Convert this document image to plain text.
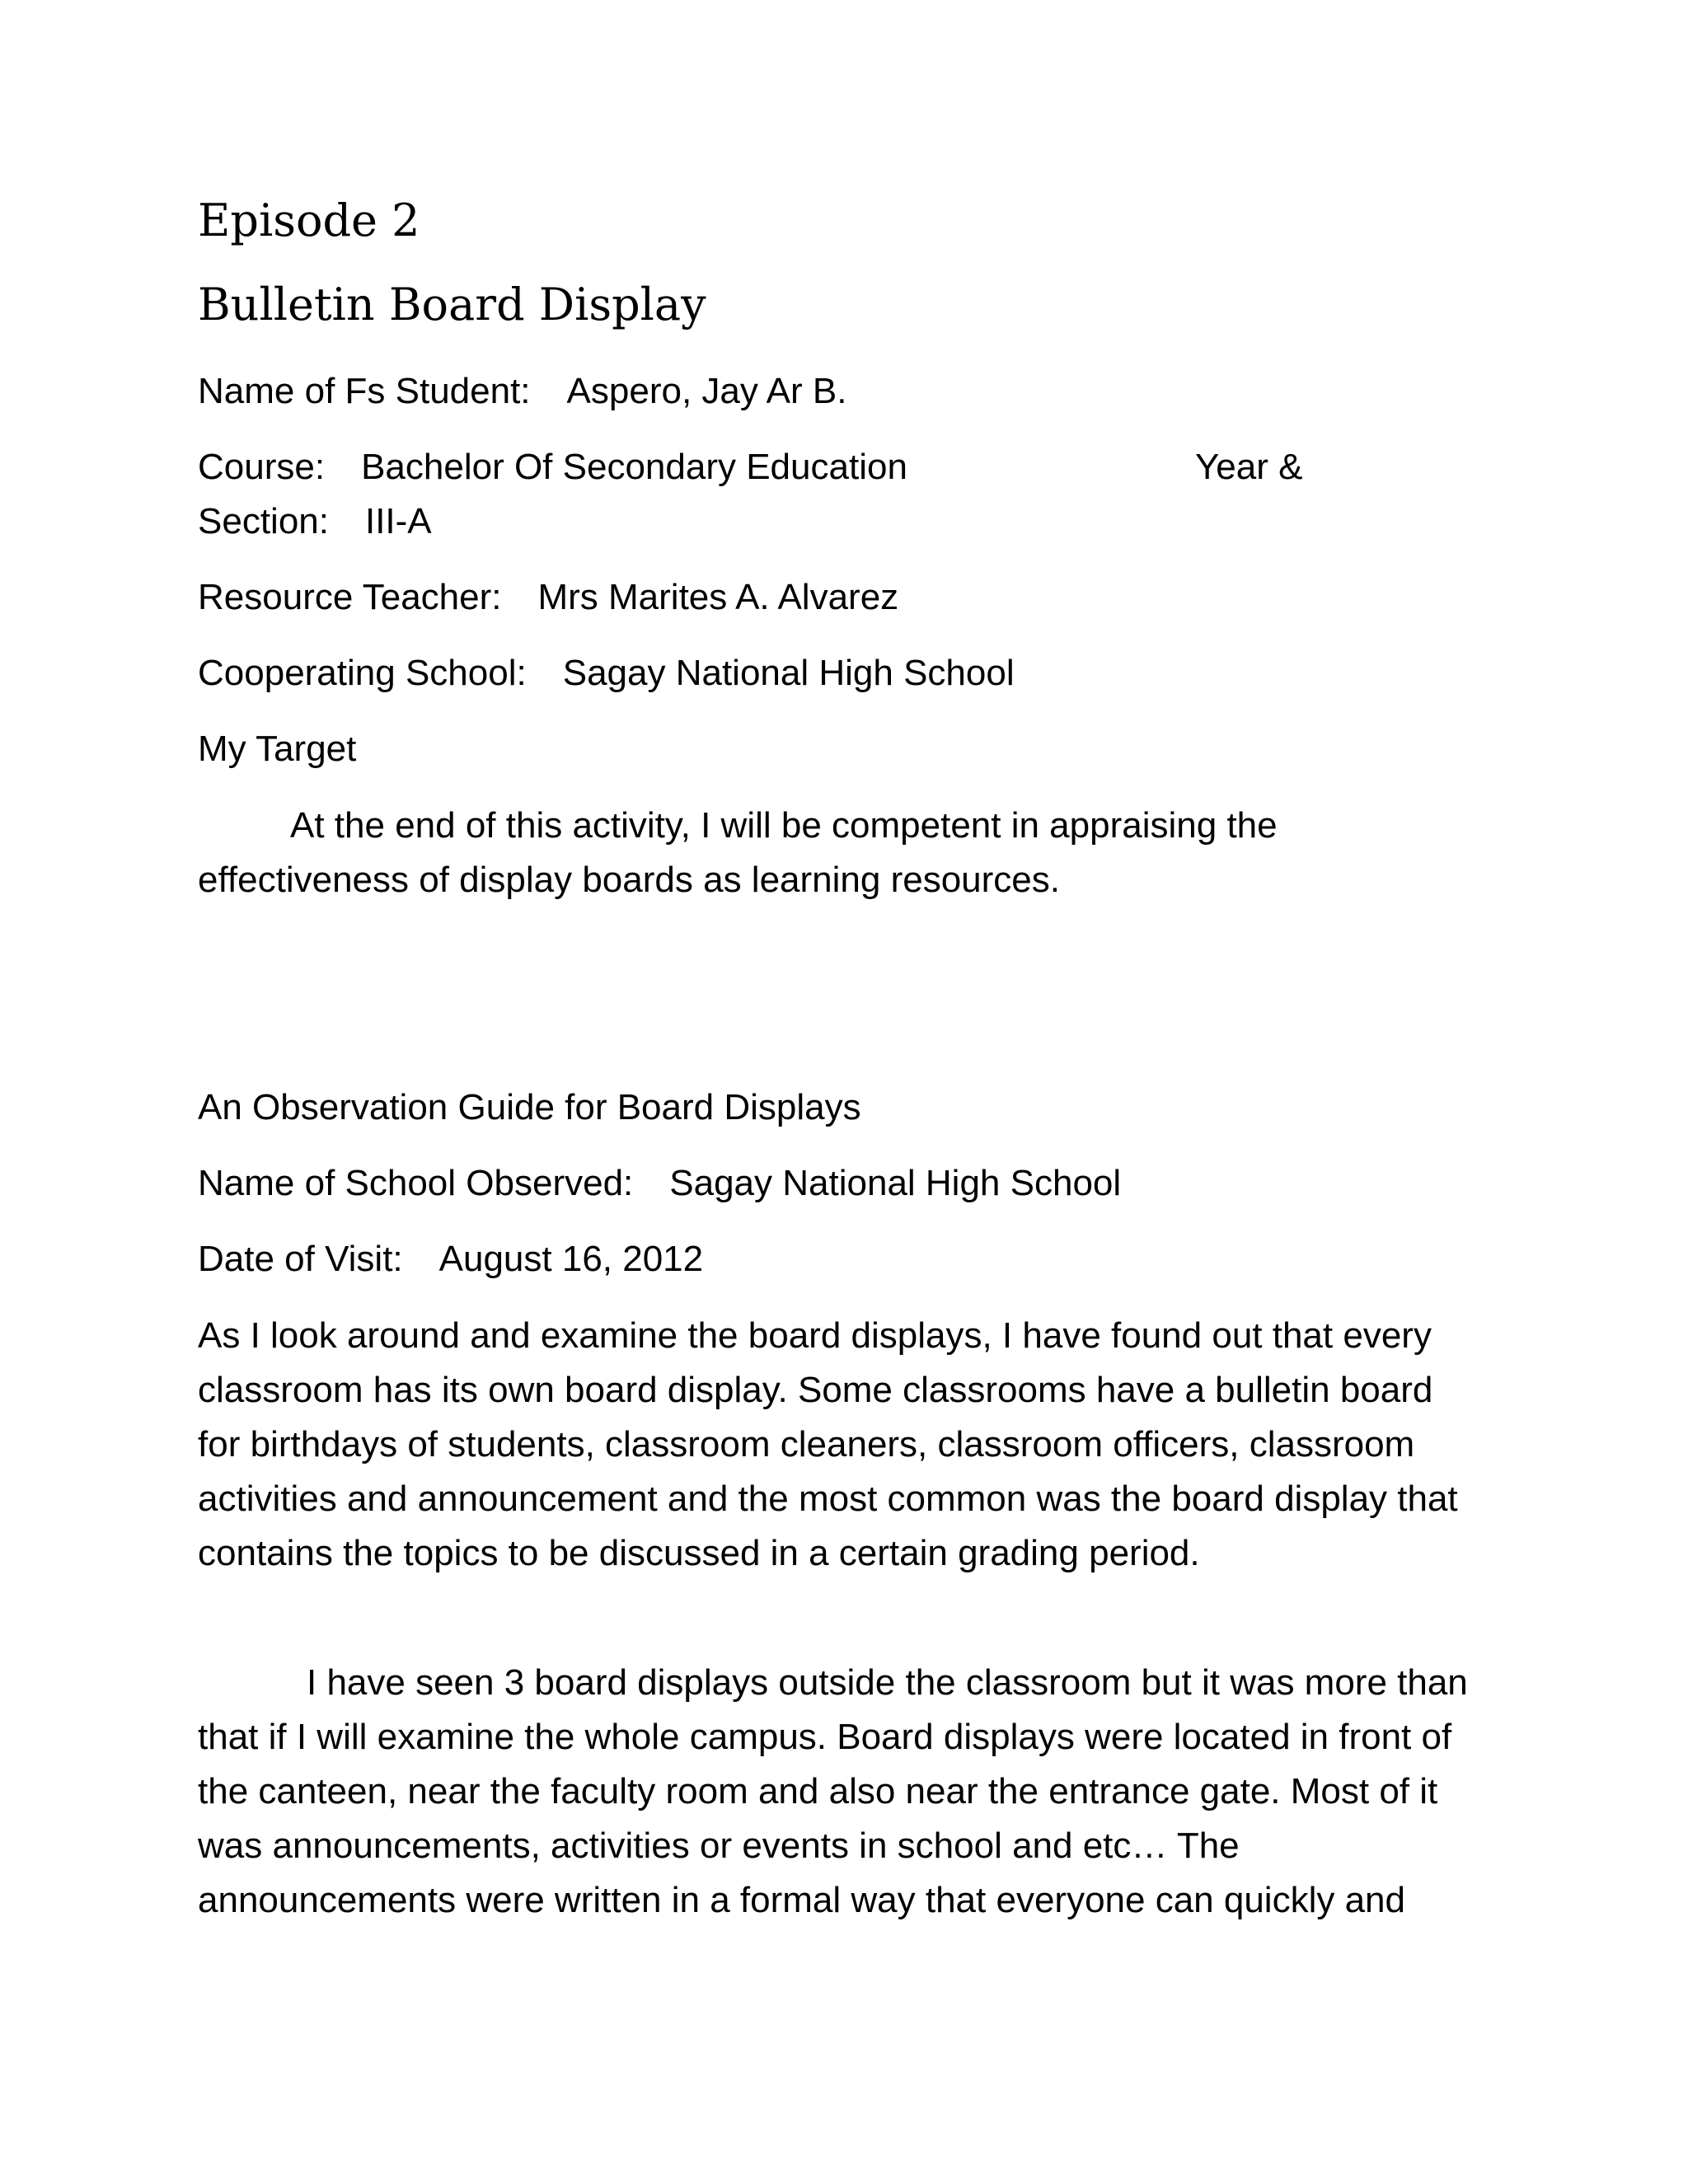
Episode 2
Bulletin Board Display
Name of Fs Student: Aspero, Jay Ar B.
Course: Bachelor Of Secondary Education	Year &
Section: III-A
Resource Teacher: Mrs Marites A. Alvarez
Cooperating School: Sagay National High School
My Target

At the end of this activity, I will be competent in appraising the effectiveness of display boards as learning resources.

An Observation Guide for Board Displays
Name of School Observed: Sagay National High School
Date of Visit: August 16, 2012

As I look around and examine the board displays, I have found out that every classroom has its own board display. Some classrooms have a bulletin board for birthdays of students, classroom cleaners, classroom officers, classroom activities and announcement and the most common was the board display that contains the topics to be discussed in a certain grading period.

I have seen 3 board displays outside the classroom but it was more than that if I will examine the whole campus. Board displays were located in front of the canteen, near the faculty room and also near the entrance gate. Most of it was announcements, activities or events in school and etc… The announcements were written in a formal way that everyone can quickly and
